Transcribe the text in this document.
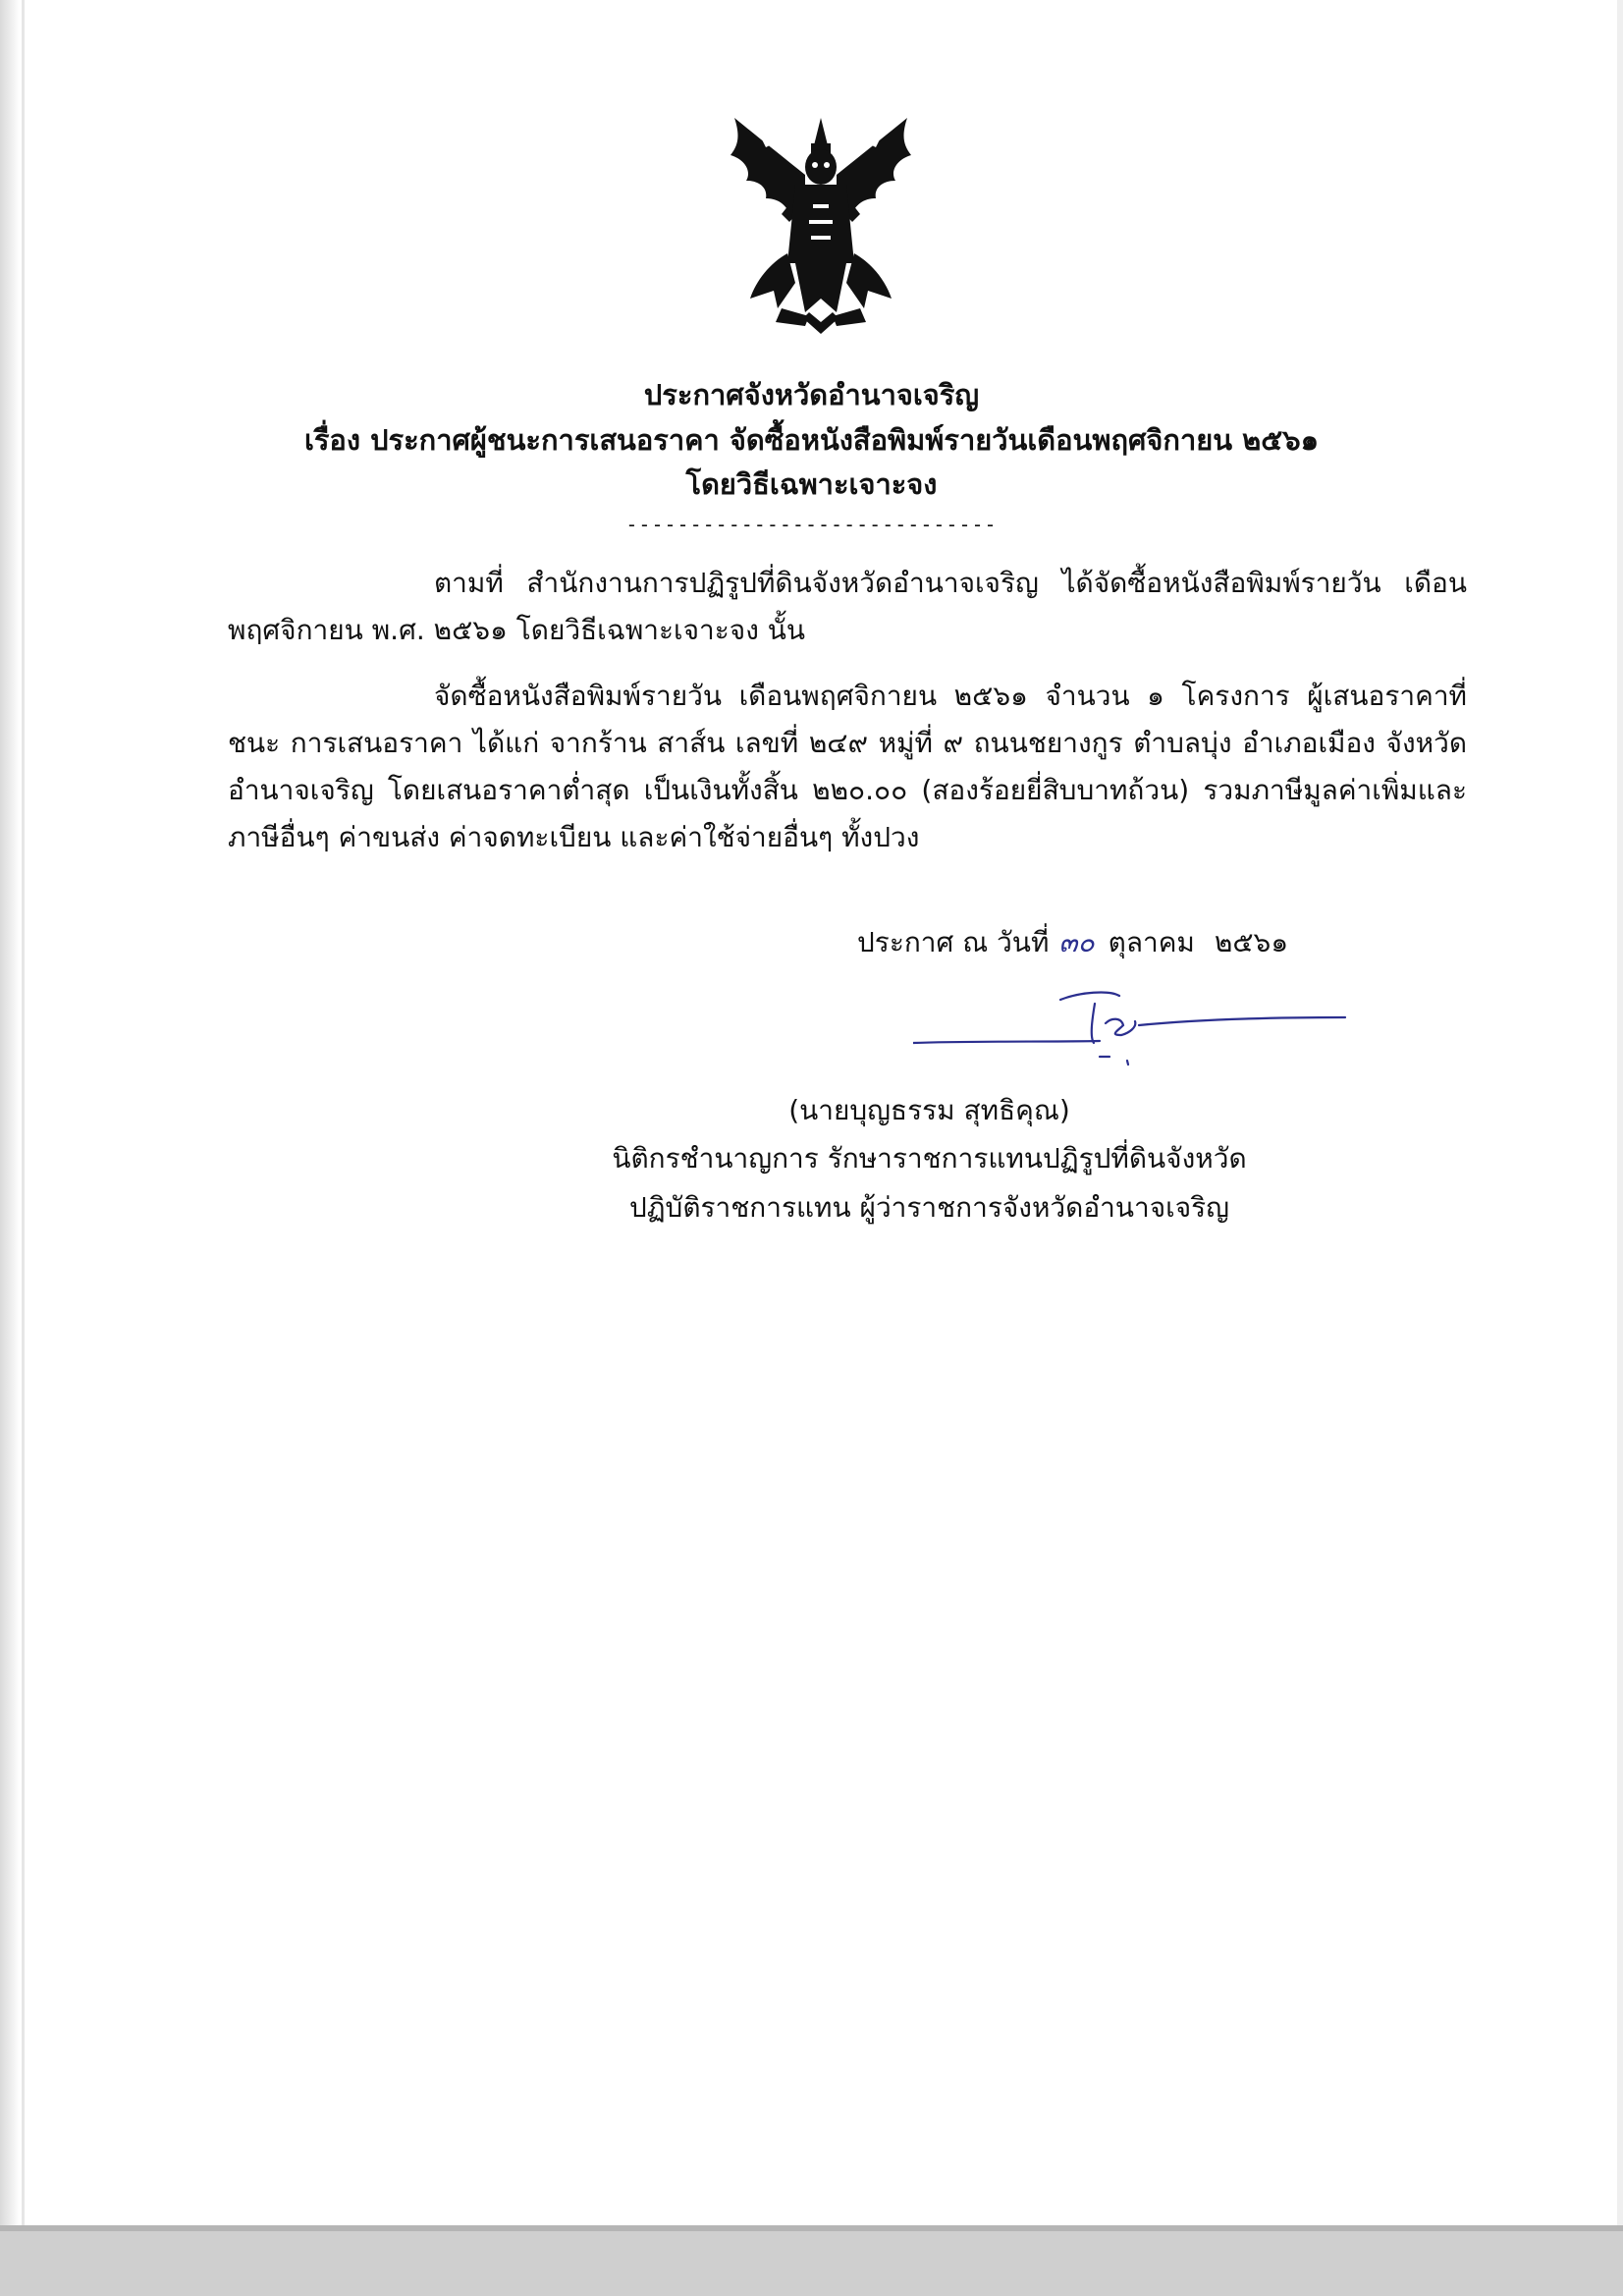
ประกาศจังหวัดอำนาจเจริญ
เรื่อง ประกาศผู้ชนะการเสนอราคา จัดซื้อหนังสือพิมพ์รายวันเดือนพฤศจิกายน ๒๕๖๑
โดยวิธีเฉพาะเจาะจง
-----------------------------

ตามที่ สำนักงานการปฏิรูปที่ดินจังหวัดอำนาจเจริญ ได้จัดซื้อหนังสือพิมพ์รายวัน เดือน พฤศจิกายน พ.ศ. ๒๕๖๑ โดยวิธีเฉพาะเจาะจง นั้น

จัดซื้อหนังสือพิมพ์รายวัน เดือนพฤศจิกายน ๒๕๖๑ จำนวน ๑ โครงการ ผู้เสนอราคาที่ชนะ การเสนอราคา ได้แก่ จากร้าน สาส์น เลขที่ ๒๔๙ หมู่ที่ ๙ ถนนชยางกูร ตำบลบุ่ง อำเภอเมือง จังหวัด อำนาจเจริญ โดยเสนอราคาต่ำสุด เป็นเงินทั้งสิ้น ๒๒๐.๐๐ (สองร้อยยี่สิบบาทถ้วน) รวมภาษีมูลค่าเพิ่มและ ภาษีอื่นๆ ค่าขนส่ง ค่าจดทะเบียน และค่าใช้จ่ายอื่นๆ ทั้งปวง

ประกาศ ณ วันที่ ๓๐ ตุลาคม ๒๕๖๑
(นายบุญธรรม สุทธิคุณ)
นิติกรชำนาญการ รักษาราชการแทนปฏิรูปที่ดินจังหวัด
ปฏิบัติราชการแทน ผู้ว่าราชการจังหวัดอำนาจเจริญ
